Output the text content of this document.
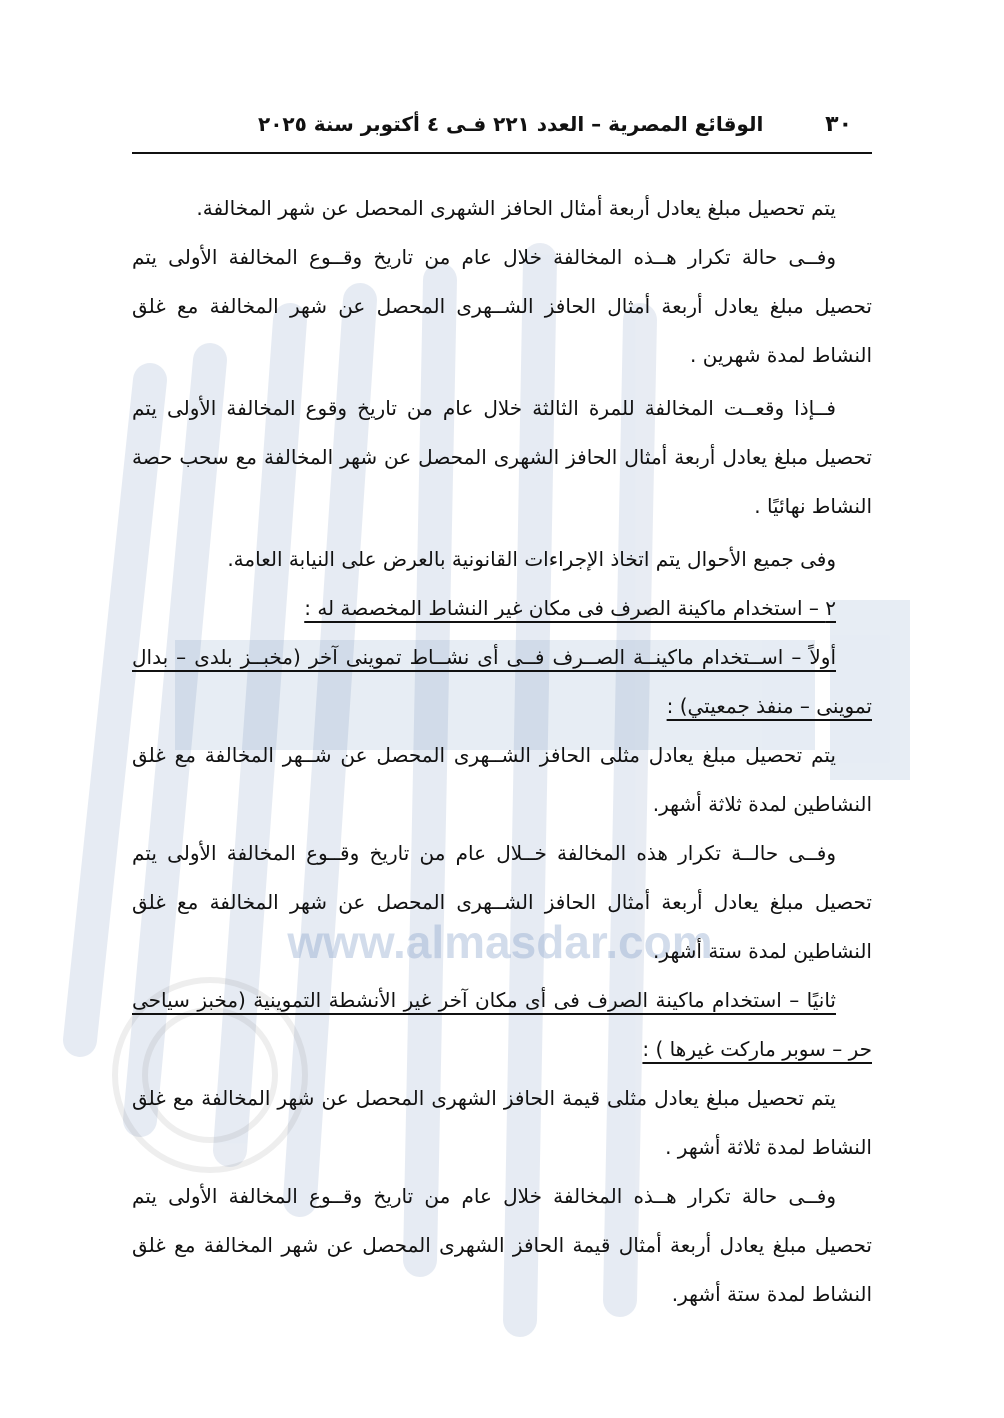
www.almasdar.com
٣٠
الوقائع المصرية – العدد ٢٢١ فـى ٤ أكتوبر سنة ٢٠٢٥

يتم تحصيل مبلغ يعادل أربعة أمثال الحافز الشهرى المحصل عن شهر المخالفة.

وفــى حالة تكرار هــذه المخالفة خلال عام من تاريخ وقــوع المخالفة الأولى يتم تحصيل مبلغ يعادل أربعة أمثال الحافز الشــهرى المحصل عن شهر المخالفة مع غلق النشاط لمدة شهرين .

فــإذا وقعــت المخالفة للمرة الثالثة خلال عام من تاريخ وقوع المخالفة الأولى يتم تحصيل مبلغ يعادل أربعة أمثال الحافز الشهرى المحصل عن شهر المخالفة مع سحب حصة النشاط نهائيًا .

وفى جميع الأحوال يتم اتخاذ الإجراءات القانونية بالعرض على النيابة العامة.

٢ – استخدام ماكينة الصرف فى مكان غير النشاط المخصصة له :

أولاً – اســتخدام ماكينــة الصــرف فــى أى نشــاط تموينى آخر (مخبــز بلدى – بدال تموينى – منفذ جمعيتي) :

يتم تحصيل مبلغ يعادل مثلى الحافز الشــهرى المحصل عن شــهر المخالفة مع غلق النشاطين لمدة ثلاثة أشهر.

وفــى حالــة تكرار هذه المخالفة خــلال عام من تاريخ وقــوع المخالفة الأولى يتم تحصيل مبلغ يعادل أربعة أمثال الحافز الشــهرى المحصل عن شهر المخالفة مع غلق النشاطين لمدة ستة أشهر.

ثانيًا – استخدام ماكينة الصرف فى أى مكان آخر غير الأنشطة التموينية (مخبز سياحى حر – سوبر ماركت غيرها ) :

يتم تحصيل مبلغ يعادل مثلى قيمة الحافز الشهرى المحصل عن شهر المخالفة مع غلق النشاط لمدة ثلاثة أشهر .

وفــى حالة تكرار هــذه المخالفة خلال عام من تاريخ وقــوع المخالفة الأولى يتم تحصيل مبلغ يعادل أربعة أمثال قيمة الحافز الشهرى المحصل عن شهر المخالفة مع غلق النشاط لمدة ستة أشهر.
